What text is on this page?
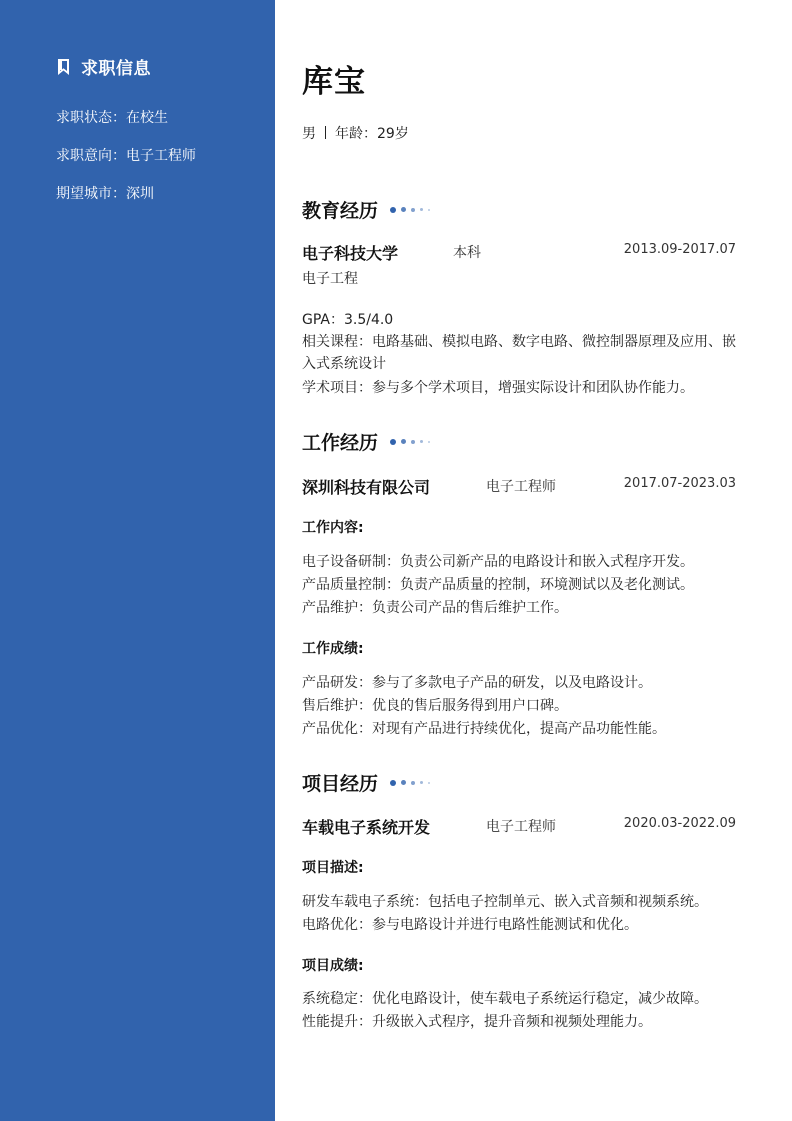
求职信息
求职状态：在校生
求职意向：电子工程师
期望城市：深圳
库宝
男 年龄：29岁
教育经历
电子科技大学	本科	2013.09-2017.07
电子工程
GPA：3.5/4.0
相关课程：电路基础、模拟电路、数字电路、微控制器原理及应用、嵌入式系统设计
学术项目：参与多个学术项目，增强实际设计和团队协作能力。
工作经历
深圳科技有限公司	电子工程师	2017.07-2023.03
工作内容:
电子设备研制：负责公司新产品的电路设计和嵌入式程序开发。
产品质量控制：负责产品质量的控制，环境测试以及老化测试。
产品维护：负责公司产品的售后维护工作。
工作成绩:
产品研发：参与了多款电子产品的研发，以及电路设计。
售后维护：优良的售后服务得到用户口碑。
产品优化：对现有产品进行持续优化，提高产品功能性能。
项目经历
车载电子系统开发	电子工程师	2020.03-2022.09
项目描述:
研发车载电子系统：包括电子控制单元、嵌入式音频和视频系统。
电路优化：参与电路设计并进行电路性能测试和优化。
项目成绩:
系统稳定：优化电路设计，使车载电子系统运行稳定，减少故障。
性能提升：升级嵌入式程序，提升音频和视频处理能力。
